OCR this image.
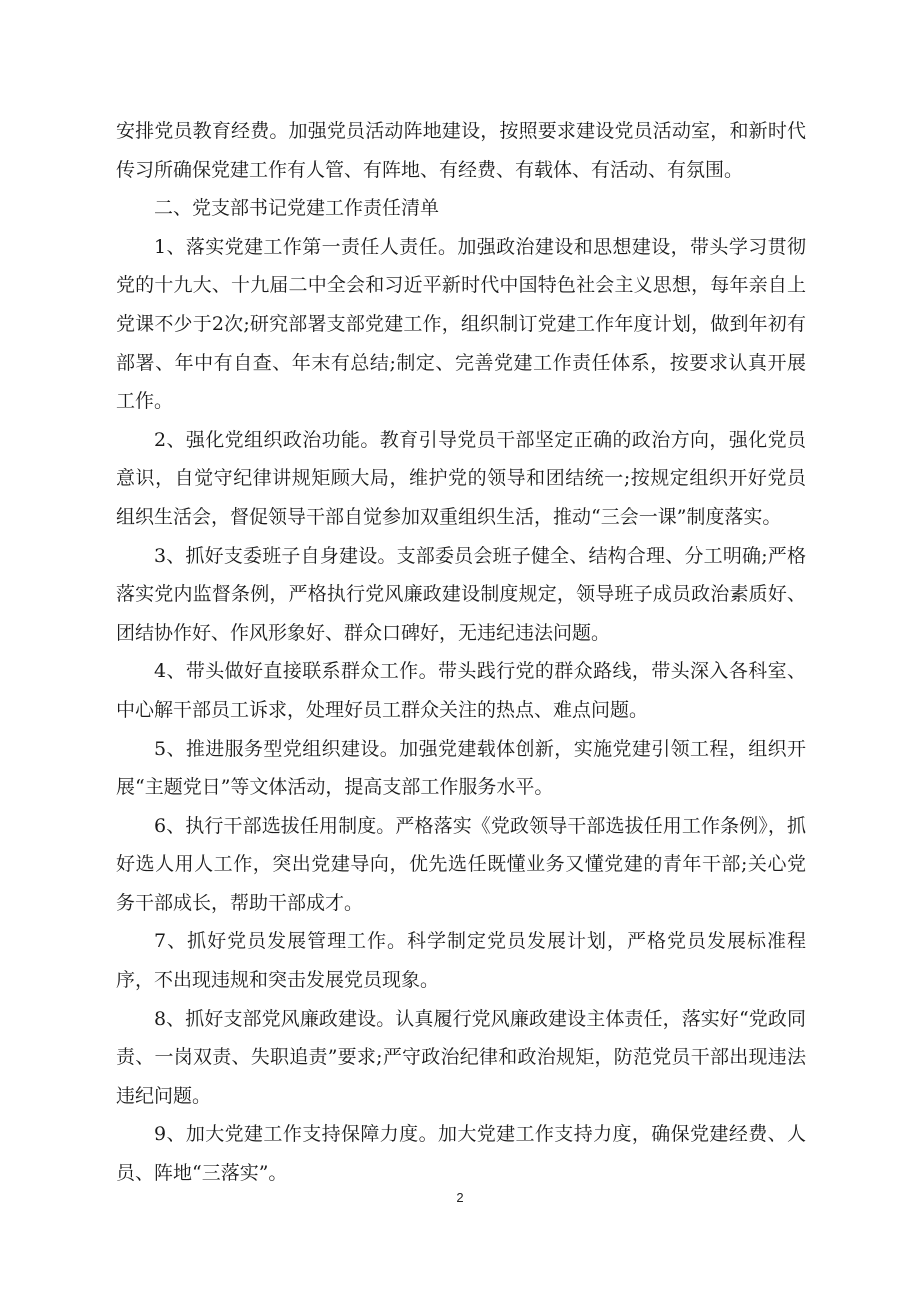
安排党员教育经费。加强党员活动阵地建设，按照要求建设党员活动室，和新时代传习所确保党建工作有人管、有阵地、有经费、有载体、有活动、有氛围。

二、党支部书记党建工作责任清单

1、落实党建工作第一责任人责任。加强政治建设和思想建设，带头学习贯彻党的十九大、十九届二中全会和习近平新时代中国特色社会主义思想，每年亲自上党课不少于2次;研究部署支部党建工作，组织制订党建工作年度计划，做到年初有部署、年中有自查、年末有总结;制定、完善党建工作责任体系，按要求认真开展工作。

2、强化党组织政治功能。教育引导党员干部坚定正确的政治方向，强化党员意识，自觉守纪律讲规矩顾大局，维护党的领导和团结统一;按规定组织开好党员组织生活会，督促领导干部自觉参加双重组织生活，推动“三会一课”制度落实。

3、抓好支委班子自身建设。支部委员会班子健全、结构合理、分工明确;严格落实党内监督条例，严格执行党风廉政建设制度规定，领导班子成员政治素质好、团结协作好、作风形象好、群众口碑好，无违纪违法问题。

4、带头做好直接联系群众工作。带头践行党的群众路线，带头深入各科室、中心解干部员工诉求，处理好员工群众关注的热点、难点问题。

5、推进服务型党组织建设。加强党建载体创新，实施党建引领工程，组织开展“主题党日”等文体活动，提高支部工作服务水平。

6、执行干部选拔任用制度。严格落实《党政领导干部选拔任用工作条例》，抓好选人用人工作，突出党建导向，优先选任既懂业务又懂党建的青年干部;关心党务干部成长，帮助干部成才。

7、抓好党员发展管理工作。科学制定党员发展计划，严格党员发展标准程序，不出现违规和突击发展党员现象。

8、抓好支部党风廉政建设。认真履行党风廉政建设主体责任，落实好“党政同责、一岗双责、失职追责”要求;严守政治纪律和政治规矩，防范党员干部出现违法违纪问题。

9、加大党建工作支持保障力度。加大党建工作支持力度，确保党建经费、人员、阵地“三落实”。

2
